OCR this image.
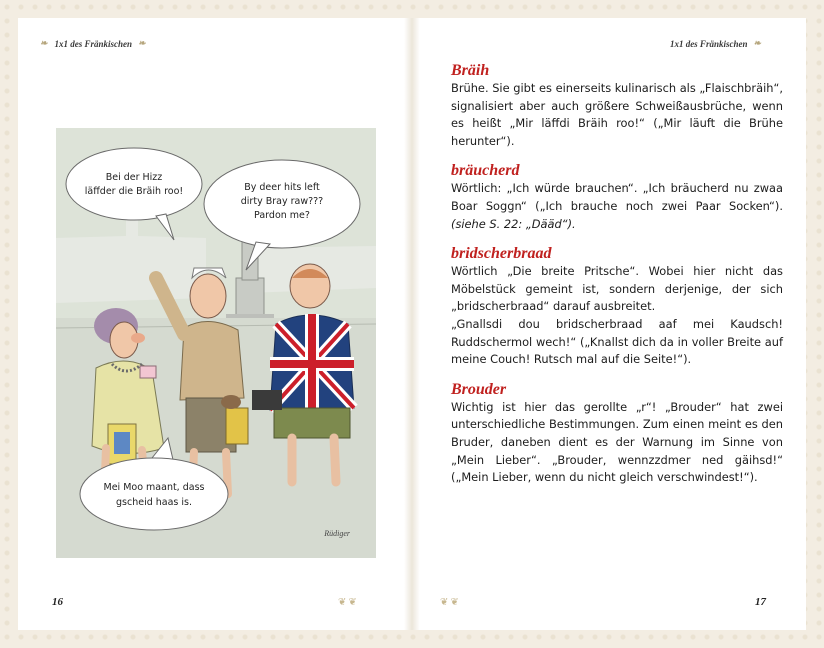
❧ 1x1 des Fränkischen ❧
Bei der Hizz
läffder die Bräih roo!	By deer hits left
dirty Bray raw???
Pardon me?
Mei Moo maant, dass
gscheid haas is.
Rüdiger
❦❦
16
1x1 des Fränkischen ❧

Bräih

Brühe. Sie gibt es einerseits kulinarisch als „Flaischbräih“, signalisiert aber auch größere Schweißausbrüche, wenn es heißt „Mir läffdi Bräih roo!“ („Mir läuft die Brühe herunter“).

bräucherd

Wörtlich: „Ich würde brauchen“. „Ich bräucherd nu zwaa Boar Soggn“ („Ich brauche noch zwei Paar Socken“). (siehe S. 22: „Dääd“).

bridscherbraad

Wörtlich „Die breite Pritsche“. Wobei hier nicht das Möbelstück gemeint ist, sondern derjenige, der sich „bridscherbraad“ darauf ausbreitet.

„Gnallsdi dou bridscherbraad aaf mei Kaudsch! Ruddschermol wech!“ („Knallst dich da in voller Breite auf meine Couch! Rutsch mal auf die Seite!“).

Brouder

Wichtig ist hier das gerollte „r“! „Brouder“ hat zwei unterschiedliche Bestimmungen. Zum einen meint es den Bruder, daneben dient es der Warnung im Sinne von „Mein Lieber“. „Brouder, wennzzdmer ned gäihsd!“ („Mein Lieber, wenn du nicht gleich verschwindest!“).

❦❦	17
